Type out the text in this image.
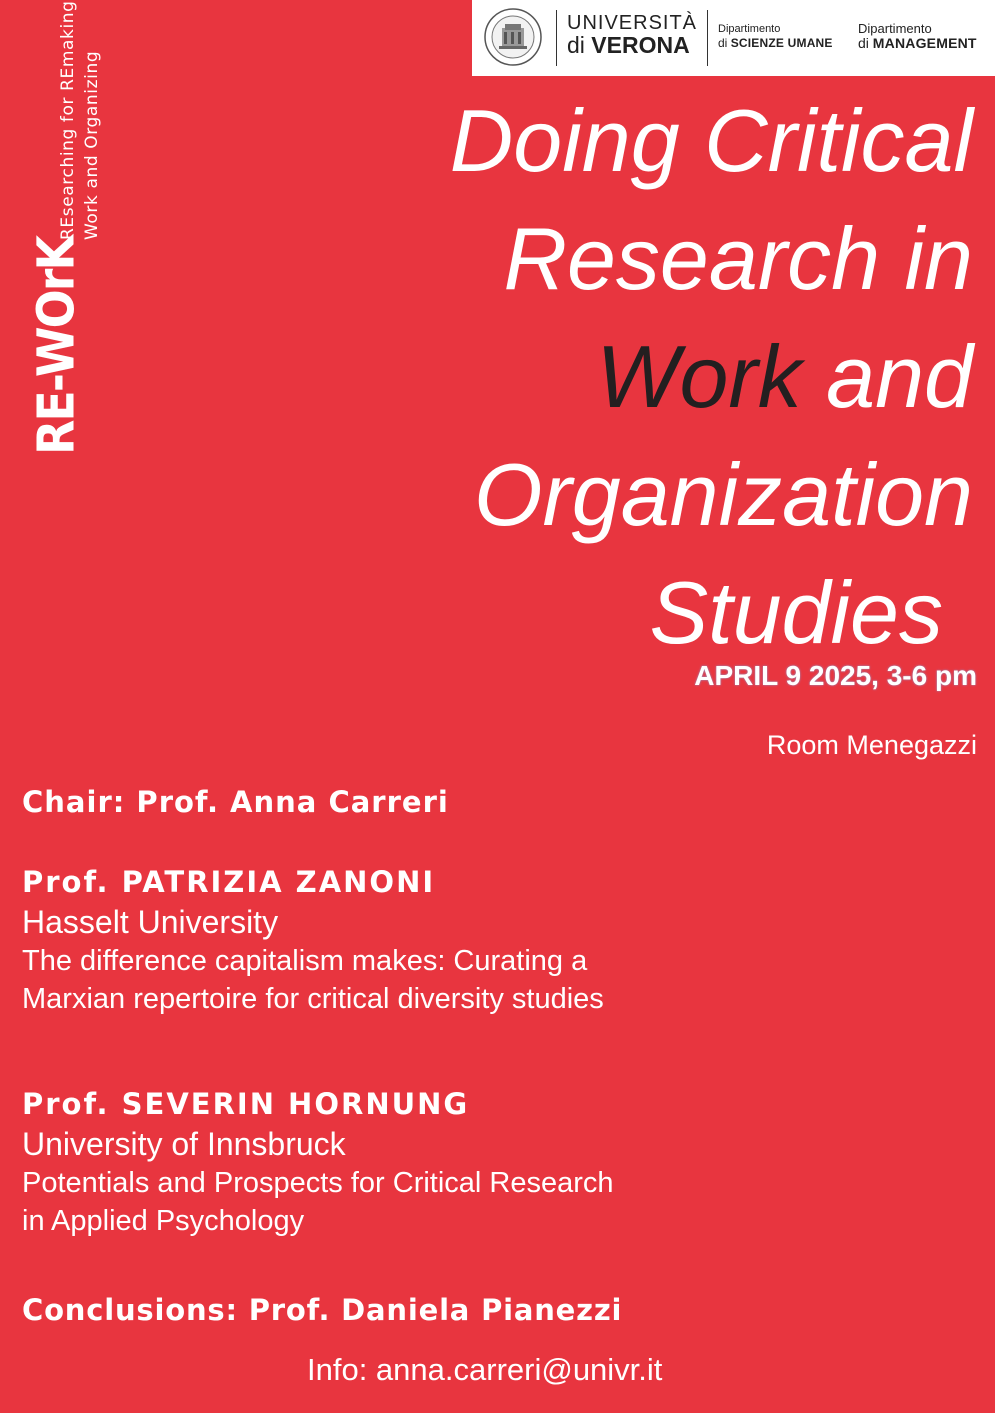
UNIVERSITÀ
di VERONA
Dipartimento
di SCIENZE UMANE
Dipartimento
di MANAGEMENT
RE-WOrK
REsearching for REmaking Work and Organizing	Doing Critical
Research in
Work and
Organization
Studies
APRIL 9 2025, 3-6 pm
Room Menegazzi
Chair: Prof. Anna Carreri
Prof. PATRIZIA ZANONI
Hasselt University
The difference capitalism makes: Curating a
Marxian repertoire for critical diversity studies
Prof. SEVERIN HORNUNG
University of Innsbruck
Potentials and Prospects for Critical Research
in Applied Psychology
Conclusions: Prof. Daniela Pianezzi
Info: anna.carreri@univr.it
